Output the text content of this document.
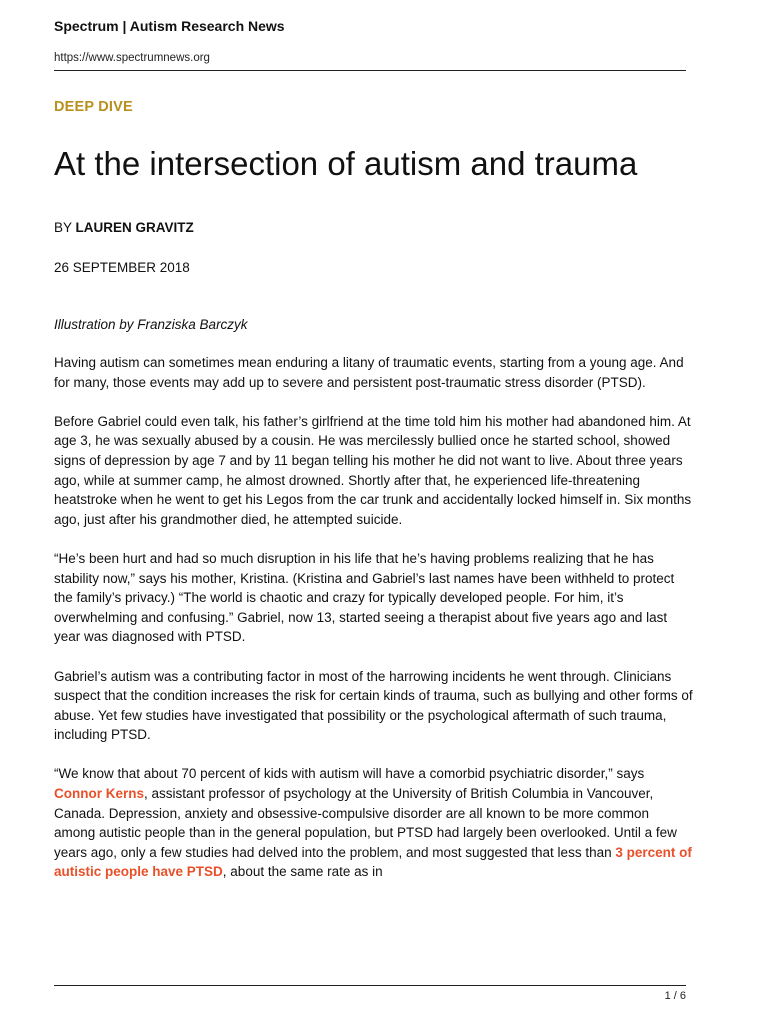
Spectrum | Autism Research News
https://www.spectrumnews.org
DEEP DIVE
At the intersection of autism and trauma
BY LAUREN GRAVITZ
26 SEPTEMBER 2018
Illustration by Franziska Barczyk

Having autism can sometimes mean enduring a litany of traumatic events, starting from a young age. And for many, those events may add up to severe and persistent post-traumatic stress disorder (PTSD).

Before Gabriel could even talk, his father’s girlfriend at the time told him his mother had abandoned him. At age 3, he was sexually abused by a cousin. He was mercilessly bullied once he started school, showed signs of depression by age 7 and by 11 began telling his mother he did not want to live. About three years ago, while at summer camp, he almost drowned. Shortly after that, he experienced life-threatening heatstroke when he went to get his Legos from the car trunk and accidentally locked himself in. Six months ago, just after his grandmother died, he attempted suicide.

“He’s been hurt and had so much disruption in his life that he’s having problems realizing that he has stability now,” says his mother, Kristina. (Kristina and Gabriel’s last names have been withheld to protect the family’s privacy.) “The world is chaotic and crazy for typically developed people. For him, it’s overwhelming and confusing.” Gabriel, now 13, started seeing a therapist about five years ago and last year was diagnosed with PTSD.

Gabriel’s autism was a contributing factor in most of the harrowing incidents he went through. Clinicians suspect that the condition increases the risk for certain kinds of trauma, such as bullying and other forms of abuse. Yet few studies have investigated that possibility or the psychological aftermath of such trauma, including PTSD.

“We know that about 70 percent of kids with autism will have a comorbid psychiatric disorder,” says Connor Kerns, assistant professor of psychology at the University of British Columbia in Vancouver, Canada. Depression, anxiety and obsessive-compulsive disorder are all known to be more common among autistic people than in the general population, but PTSD had largely been overlooked. Until a few years ago, only a few studies had delved into the problem, and most suggested that less than 3 percent of autistic people have PTSD, about the same rate as in

1 / 6
